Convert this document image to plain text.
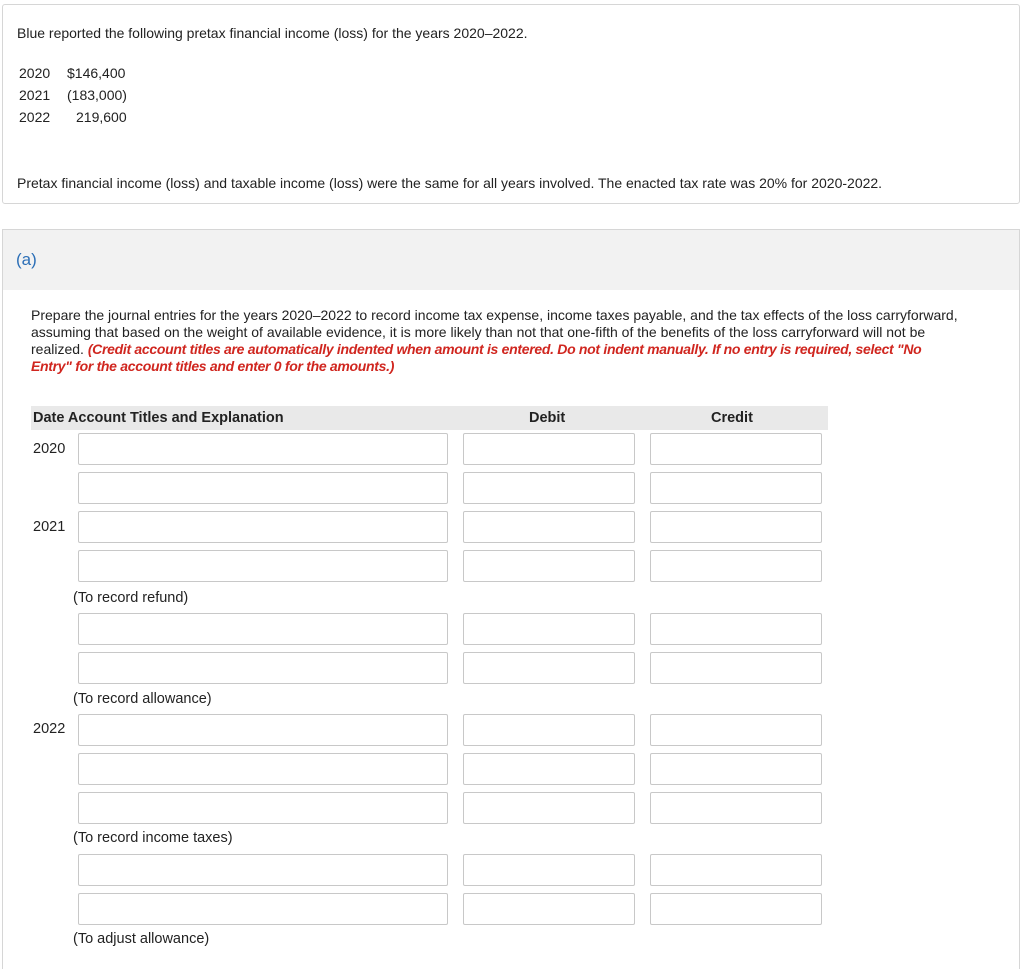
Blue reported the following pretax financial income (loss) for the years 2020–2022.

2020	$146,400
2021	(183,000)
2022	219,600

Pretax financial income (loss) and taxable income (loss) were the same for all years involved. The enacted tax rate was 20% for 2020-2022.

(a)

Prepare the journal entries for the years 2020–2022 to record income tax expense, income taxes payable, and the tax effects of the loss carryforward, assuming that based on the weight of available evidence, it is more likely than not that one-fifth of the benefits of the loss carryforward will not be realized. (Credit account titles are automatically indented when amount is entered. Do not indent manually. If no entry is required, select "No Entry" for the account titles and enter 0 for the amounts.)

Date Account Titles and Explanation	Debit	Credit
2020
2021
(To record refund)
(To record allowance)
2022
(To record income taxes)
(To adjust allowance)
